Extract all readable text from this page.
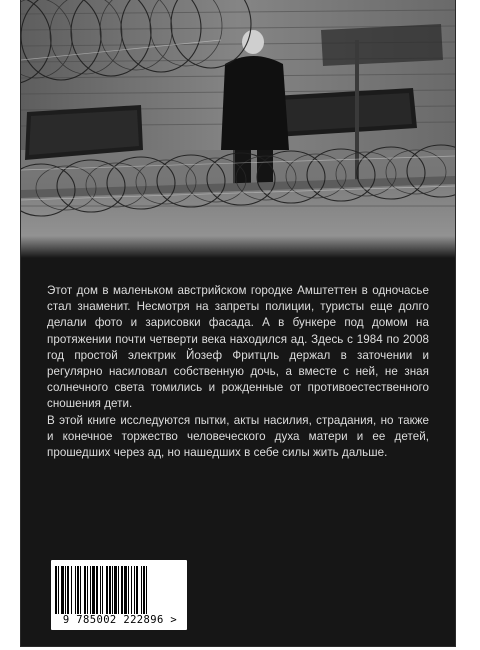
Этот дом в маленьком австрийском городке Амштеттен в одночасье стал знаменит. Несмотря на запреты полиции, туристы еще долго делали фото и зарисовки фасада. А в бункере под домом на протяжении почти четверти века находился ад. Здесь с 1984 по 2008 год простой электрик Йозеф Фритцль держал в заточении и регулярно насиловал собственную дочь, а вместе с ней, не зная солнечного света томились и рожденные от противоестественного сношения дети.

В этой книге исследуются пытки, акты насилия, страдания, но также и конечное торжество человеческого духа матери и ее детей, прошедших через ад, но нашедших в себе силы жить дальше.

9 785002 222896 >
